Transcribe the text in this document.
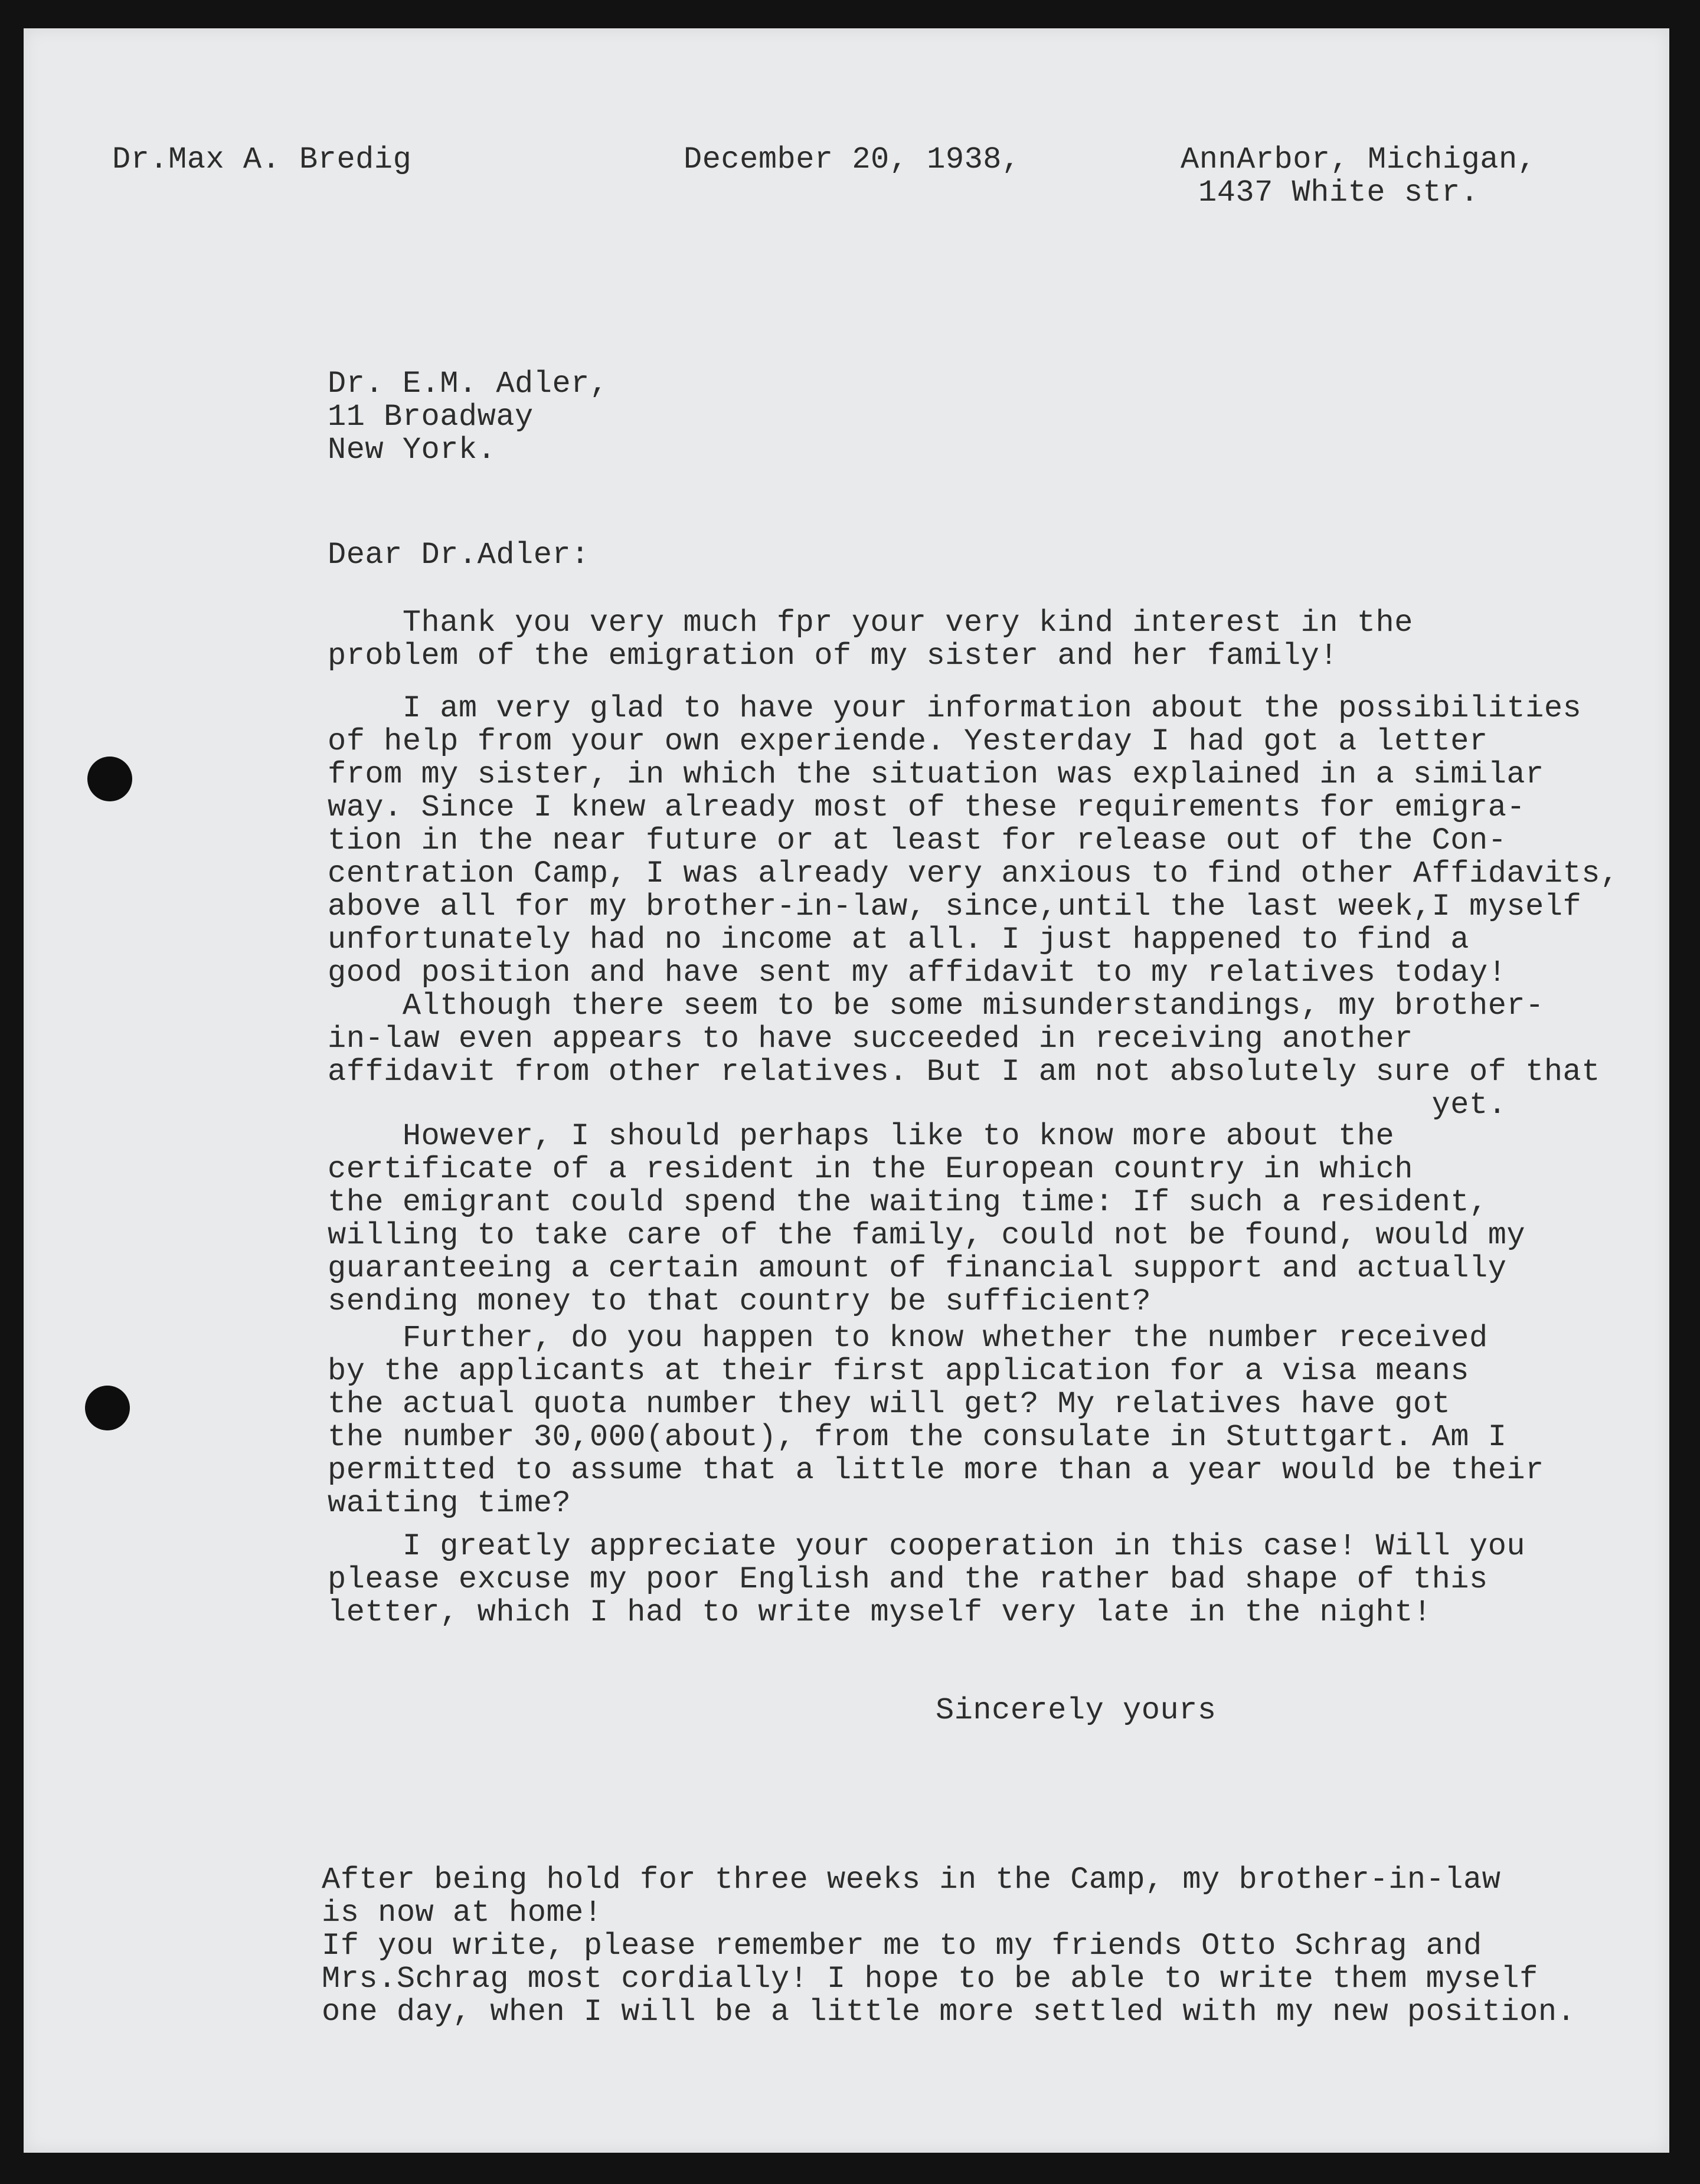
Dr.Max A. Bredig	December 20, 1938,	AnnArbor, Michigan,
1437 White str.
Dr. E.M. Adler,
11 Broadway
New York.
Dear Dr.Adler:
Thank you very much fpr your very kind interest in the
problem of the emigration of my sister and her family!
I am very glad to have your information about the possibilities
of help from your own experiende. Yesterday I had got a letter
from my sister, in which the situation was explained in a similar
way. Since I knew already most of these requirements for emigra-
tion in the near future or at least for release out of the Con-
centration Camp, I was already very anxious to find other Affidavits,
above all for my brother-in-law, since,until the last week,I myself
unfortunately had no income at all. I just happened to find a
good position and have sent my affidavit to my relatives today!
Although there seem to be some misunderstandings, my brother-
in-law even appears to have succeeded in receiving another
affidavit from other relatives. But I am not absolutely sure of that
yet.
However, I should perhaps like to know more about the
certificate of a resident in the European country in which
the emigrant could spend the waiting time: If such a resident,
willing to take care of the family, could not be found, would my
guaranteeing a certain amount of financial support and actually
sending money to that country be sufficient?
Further, do you happen to know whether the number received
by the applicants at their first application for a visa means
the actual quota number they will get? My relatives have got
the number 30,000(about), from the consulate in Stuttgart. Am I
permitted to assume that a little more than a year would be their
waiting time?
I greatly appreciate your cooperation in this case! Will you
please excuse my poor English and the rather bad shape of this
letter, which I had to write myself very late in the night!
Sincerely yours
After being hold for three weeks in the Camp, my brother-in-law
is now at home!
If you write, please remember me to my friends Otto Schrag and
Mrs.Schrag most cordially! I hope to be able to write them myself
one day, when I will be a little more settled with my new position.
